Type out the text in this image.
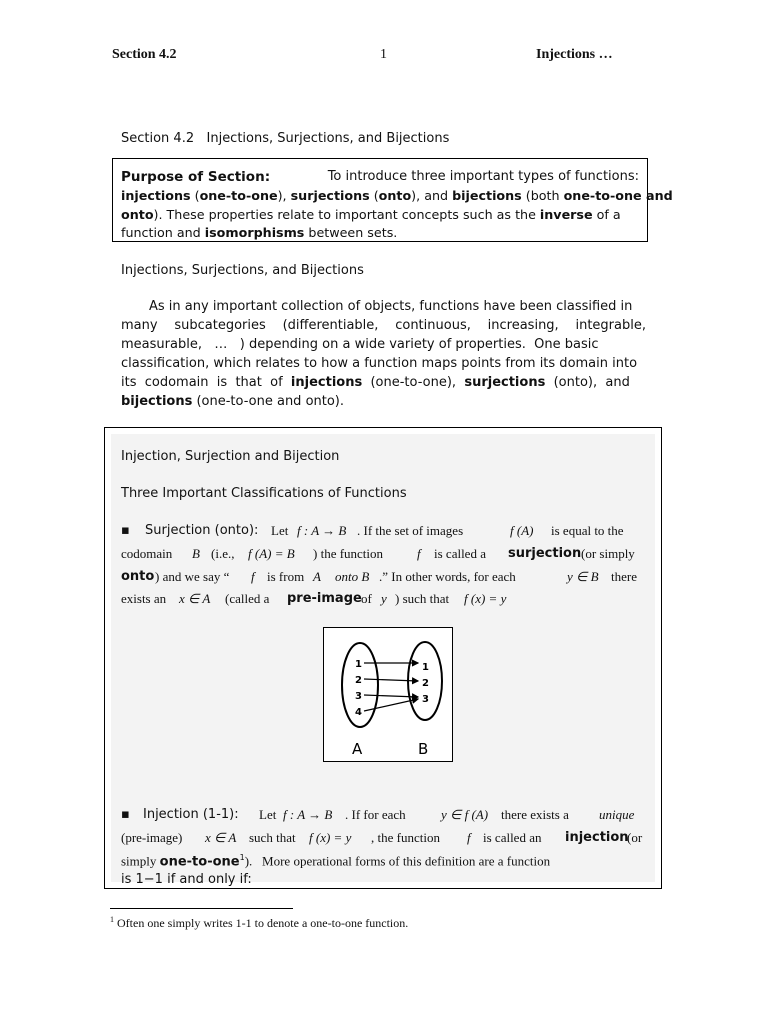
Section 4.2	1	Injections …
Section 4.2   Injections, Surjections, and Bijections
Purpose of Section:	To introduce three important types of functions:
injections (one-to-one), surjections (onto), and bijections (both one-to-one and
onto). These properties relate to important concepts such as the inverse of a
function and isomorphisms between sets.
Injections, Surjections, and Bijections
As in any important collection of objects, functions have been classified in
many subcategories (differentiable, continuous, increasing, integrable,
measurable,   …   ) depending on a wide variety of properties.  One basic
classification, which relates to how a function maps points from its domain into
its  codomain  is  that  of  injections  (one-to-one),  surjections  (onto),  and
bijections (one-to-one and onto).
Injection, Surjection and Bijection
Three Important Classifications of Functions
▪ Surjection (onto): Let f : A → B . If the set of images	f (A) is equal to the
codomain B (i.e., f (A) = B ) the function	f is called a surjection (or simply
onto ) and we say “ f is from A onto B .” In other words, for each	y ∈ B there
exists an x ∈ A (called a pre-image of y ) such that f (x) = y
1
2
3
4
1
2
3
A	B
▪ Injection (1-1): Let f : A → B . If for each	y ∈ f (A) there exists a unique
(pre-image) x ∈ A such that f (x) = y , the function f is called an injection
(or
simply one-to-one$^1$).   More operational forms of this definition are a function
is 1−1 if and only if:
$^1$ Often one simply writes 1-1 to denote a one-to-one function.
